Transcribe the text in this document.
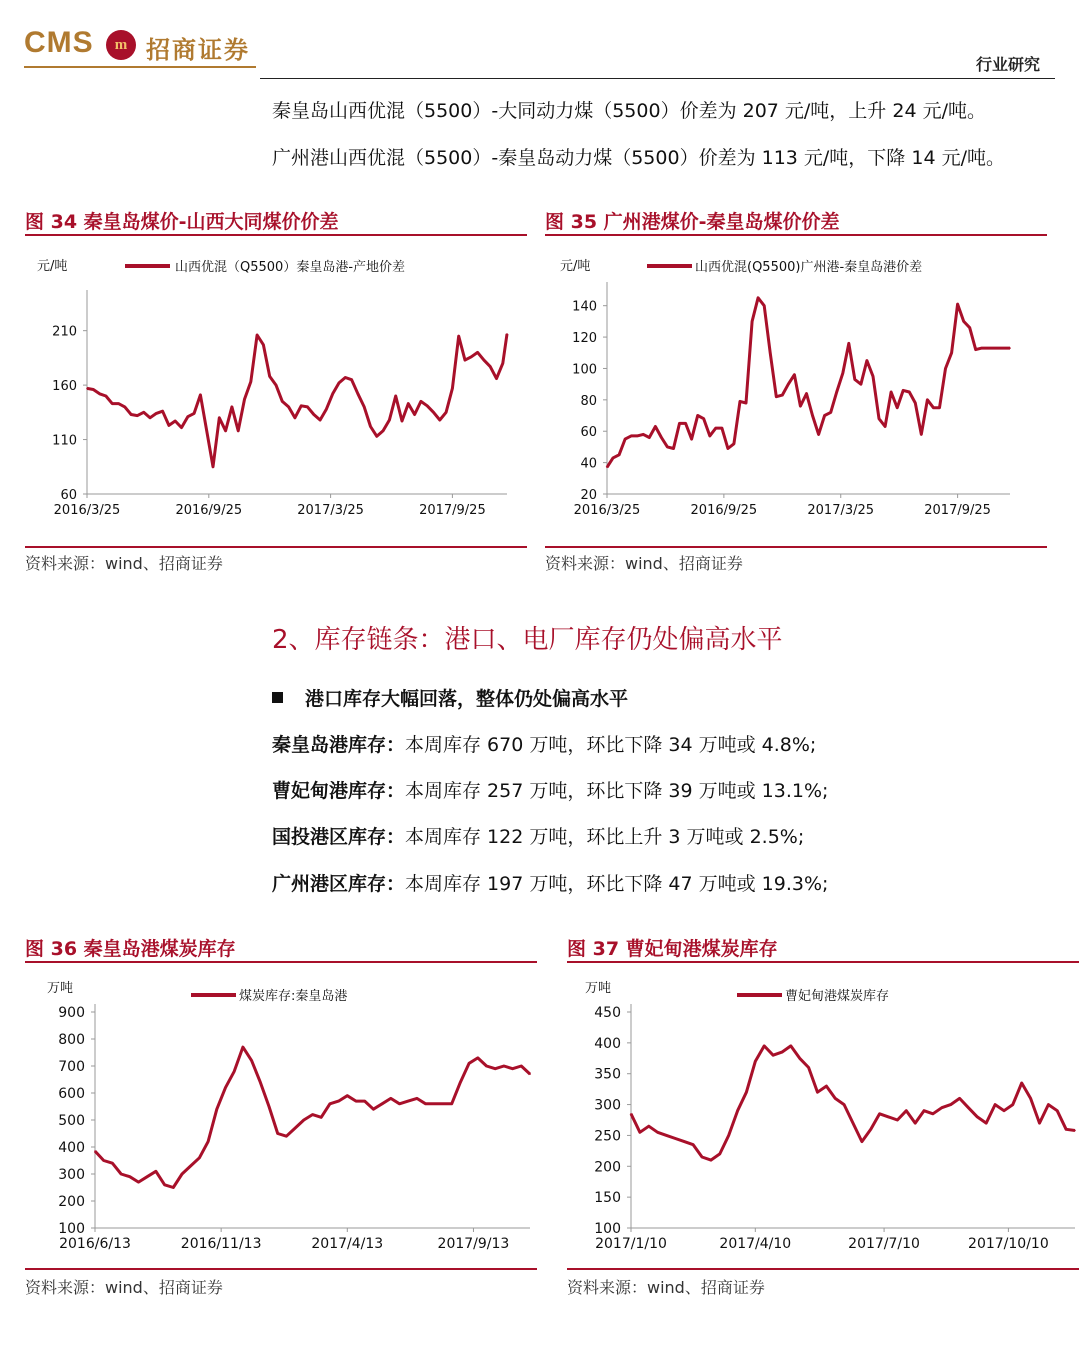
CMS	m 招商证券
行业研究
秦皇岛山西优混（5500）-大同动力煤（5500）价差为 207 元/吨，上升 24 元/吨。
广州港山西优混（5500）-秦皇岛动力煤（5500）价差为 113 元/吨，下降 14 元/吨。
图 34 秦皇岛煤价-山西大同煤价价差
60
110
160
210
2016/3/25	2016/9/25	2017/3/25	2017/9/25
元/吨	山西优混（Q5500）秦皇岛港-产地价差
资料来源：wind、招商证券
图 35 广州港煤价-秦皇岛煤价价差
20
40
60
80
100
120
140
2016/3/25	2016/9/25	2017/3/25	2017/9/25
元/吨	山西优混(Q5500)广州港-秦皇岛港价差
资料来源：wind、招商证券
2、库存链条：港口、电厂库存仍处偏高水平
港口库存大幅回落，整体仍处偏高水平
秦皇岛港库存：本周库存 670 万吨，环比下降 34 万吨或 4.8%;
曹妃甸港库存：本周库存 257 万吨，环比下降 39 万吨或 13.1%;
国投港区库存：本周库存 122 万吨，环比上升 3 万吨或 2.5%;
广州港区库存：本周库存 197 万吨，环比下降 47 万吨或 19.3%;
图 36 秦皇岛港煤炭库存
100
200
300
400
500
600
700
800
900
2016/6/13	2016/11/13	2017/4/13	2017/9/13
万吨
煤炭库存:秦皇岛港
资料来源：wind、招商证券
图 37 曹妃甸港煤炭库存
100
150
200
250
300
350
400
450
2017/1/10	2017/4/10	2017/7/10	2017/10/10
万吨
曹妃甸港煤炭库存
资料来源：wind、招商证券
